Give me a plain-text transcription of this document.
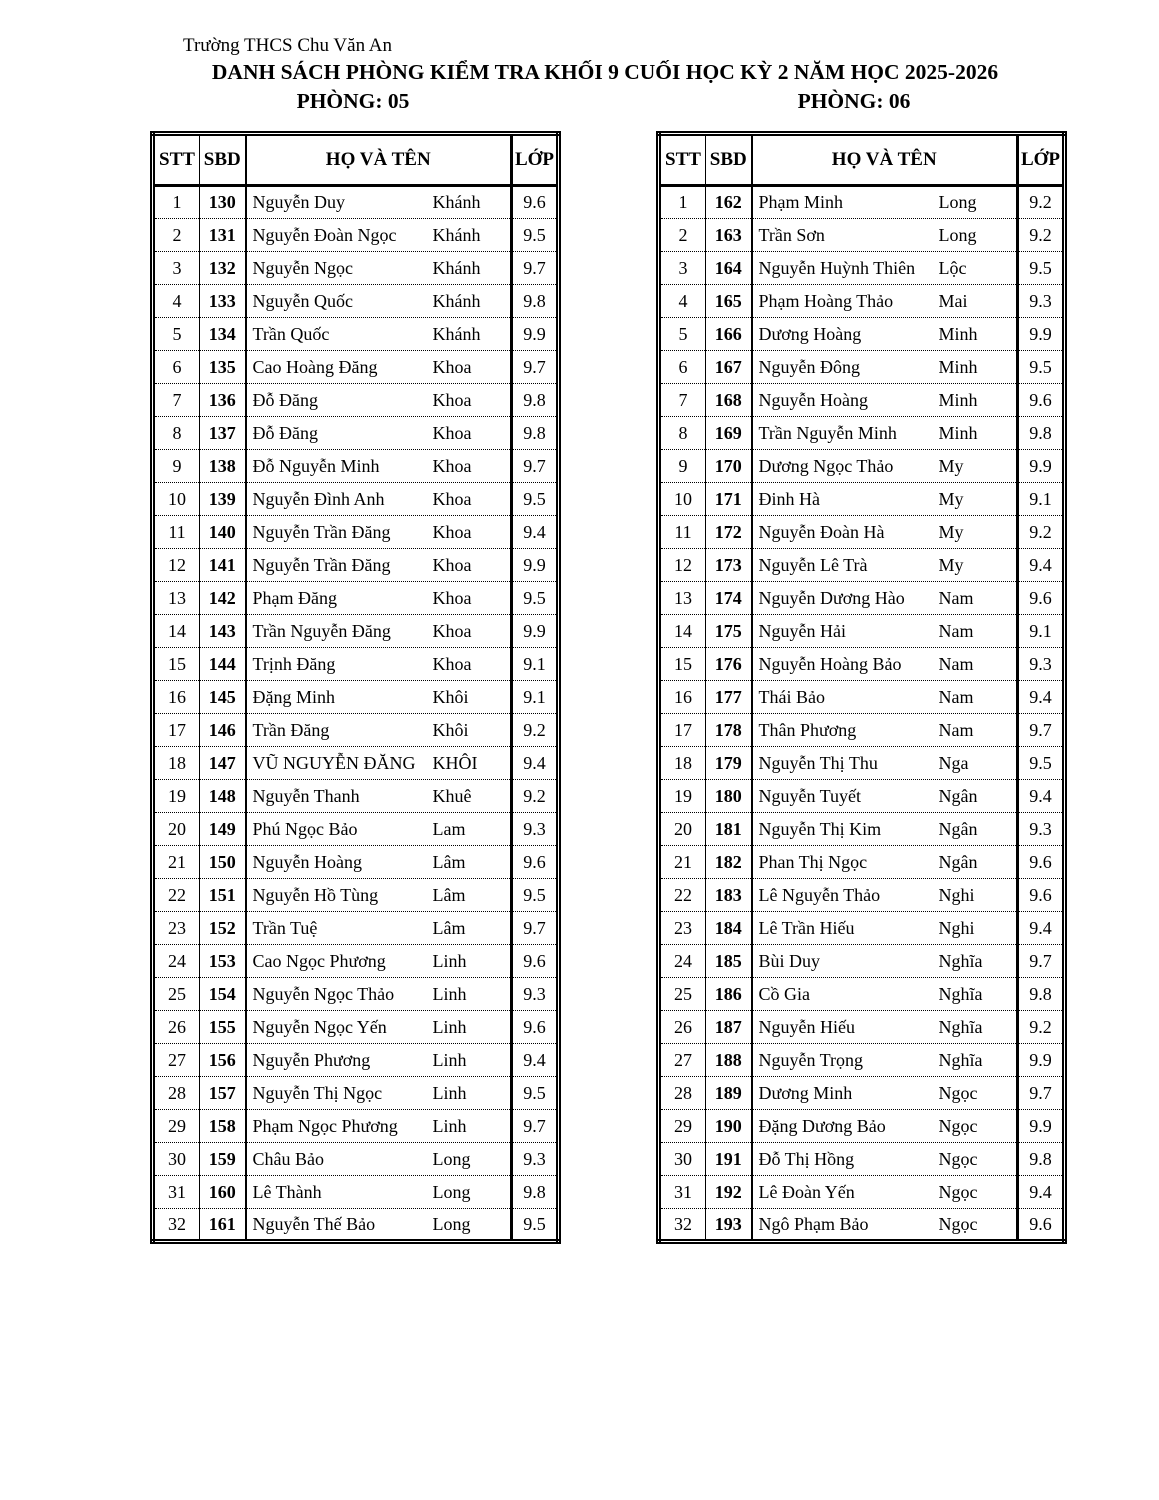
Trường THCS Chu Văn An
DANH SÁCH PHÒNG KIỂM TRA KHỐI 9 CUỐI HỌC KỲ 2 NĂM HỌC 2025-2026
PHÒNG: 05	PHÒNG: 06
STT	SBD	HỌ VÀ TÊN	LỚP
1	130	Nguyễn Duy Khánh	9.6
2	131	Nguyễn Đoàn Ngọc Khánh	9.5
3	132	Nguyễn Ngọc Khánh	9.7
4	133	Nguyễn Quốc Khánh	9.8
5	134	Trần Quốc Khánh	9.9
6	135	Cao Hoàng Đăng Khoa	9.7
7	136	Đỗ Đăng Khoa	9.8
8	137	Đỗ Đăng Khoa	9.8
9	138	Đỗ Nguyễn Minh Khoa	9.7
10	139	Nguyễn Đình Anh Khoa	9.5
11	140	Nguyễn Trần Đăng Khoa	9.4
12	141	Nguyễn Trần Đăng Khoa	9.9
13	142	Phạm Đăng Khoa	9.5
14	143	Trần Nguyễn Đăng Khoa	9.9
15	144	Trịnh Đăng Khoa	9.1
16	145	Đặng Minh Khôi	9.1
17	146	Trần Đăng Khôi	9.2
18	147	VŨ NGUYỄN ĐĂNG KHÔI	9.4
19	148	Nguyễn Thanh Khuê	9.2
20	149	Phú Ngọc Bảo Lam	9.3
21	150	Nguyễn Hoàng Lâm	9.6
22	151	Nguyễn Hồ Tùng Lâm	9.5
23	152	Trần Tuệ Lâm	9.7
24	153	Cao Ngọc Phương Linh	9.6
25	154	Nguyễn Ngọc Thảo Linh	9.3
26	155	Nguyễn Ngọc Yến Linh	9.6
27	156	Nguyễn Phương Linh	9.4
28	157	Nguyễn Thị Ngọc Linh	9.5
29	158	Phạm Ngọc Phương Linh	9.7
30	159	Châu Bảo Long	9.3
31	160	Lê Thành Long	9.8
32	161	Nguyễn Thế Bảo Long	9.5
STT	SBD	HỌ VÀ TÊN	LỚP
1	162	Phạm Minh Long	9.2
2	163	Trần Sơn Long	9.2
3	164	Nguyễn Huỳnh Thiên Lộc	9.5
4	165	Phạm Hoàng Thảo Mai	9.3
5	166	Dương Hoàng Minh	9.9
6	167	Nguyễn Đông Minh	9.5
7	168	Nguyễn Hoàng Minh	9.6
8	169	Trần Nguyễn Minh Minh	9.8
9	170	Dương Ngọc Thảo My	9.9
10	171	Đinh Hà My	9.1
11	172	Nguyễn Đoàn Hà My	9.2
12	173	Nguyễn Lê Trà My	9.4
13	174	Nguyễn Dương Hào Nam	9.6
14	175	Nguyễn Hải Nam	9.1
15	176	Nguyễn Hoàng Bảo Nam	9.3
16	177	Thái Bảo Nam	9.4
17	178	Thân Phương Nam	9.7
18	179	Nguyễn Thị Thu Nga	9.5
19	180	Nguyễn Tuyết Ngân	9.4
20	181	Nguyễn Thị Kim Ngân	9.3
21	182	Phan Thị Ngọc Ngân	9.6
22	183	Lê Nguyễn Thảo Nghi	9.6
23	184	Lê Trần Hiếu Nghi	9.4
24	185	Bùi Duy Nghĩa	9.7
25	186	Cồ Gia Nghĩa	9.8
26	187	Nguyễn Hiếu Nghĩa	9.2
27	188	Nguyễn Trọng Nghĩa	9.9
28	189	Dương Minh Ngọc	9.7
29	190	Đặng Dương Bảo Ngọc	9.9
30	191	Đỗ Thị Hồng Ngọc	9.8
31	192	Lê Đoàn Yến Ngọc	9.4
32	193	Ngô Phạm Bảo Ngọc	9.6
